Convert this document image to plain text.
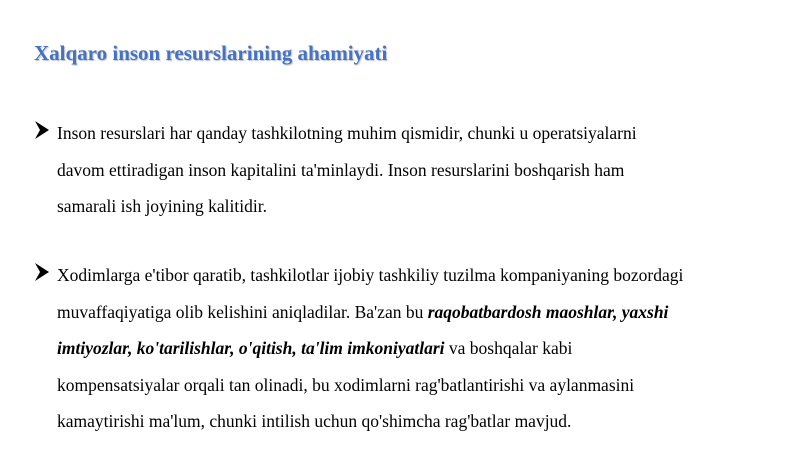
Xalqaro inson resurslarining ahamiyati
Inson resurslari har qanday tashkilotning muhim qismidir, chunki u operatsiyalarni
davom ettiradigan inson kapitalini ta'minlaydi. Inson resurslarini boshqarish ham
samarali ish joyining kalitidir.
Xodimlarga e'tibor qaratib, tashkilotlar ijobiy tashkiliy tuzilma kompaniyaning bozordagi
muvaffaqiyatiga olib kelishini aniqladilar. Ba'zan bu raqobatbardosh maoshlar, yaxshi
imtiyozlar, ko'tarilishlar, o'qitish, ta'lim imkoniyatlari va boshqalar kabi
kompensatsiyalar orqali tan olinadi, bu xodimlarni rag'batlantirishi va aylanmasini
kamaytirishi ma'lum, chunki intilish uchun qo'shimcha rag'batlar mavjud.
